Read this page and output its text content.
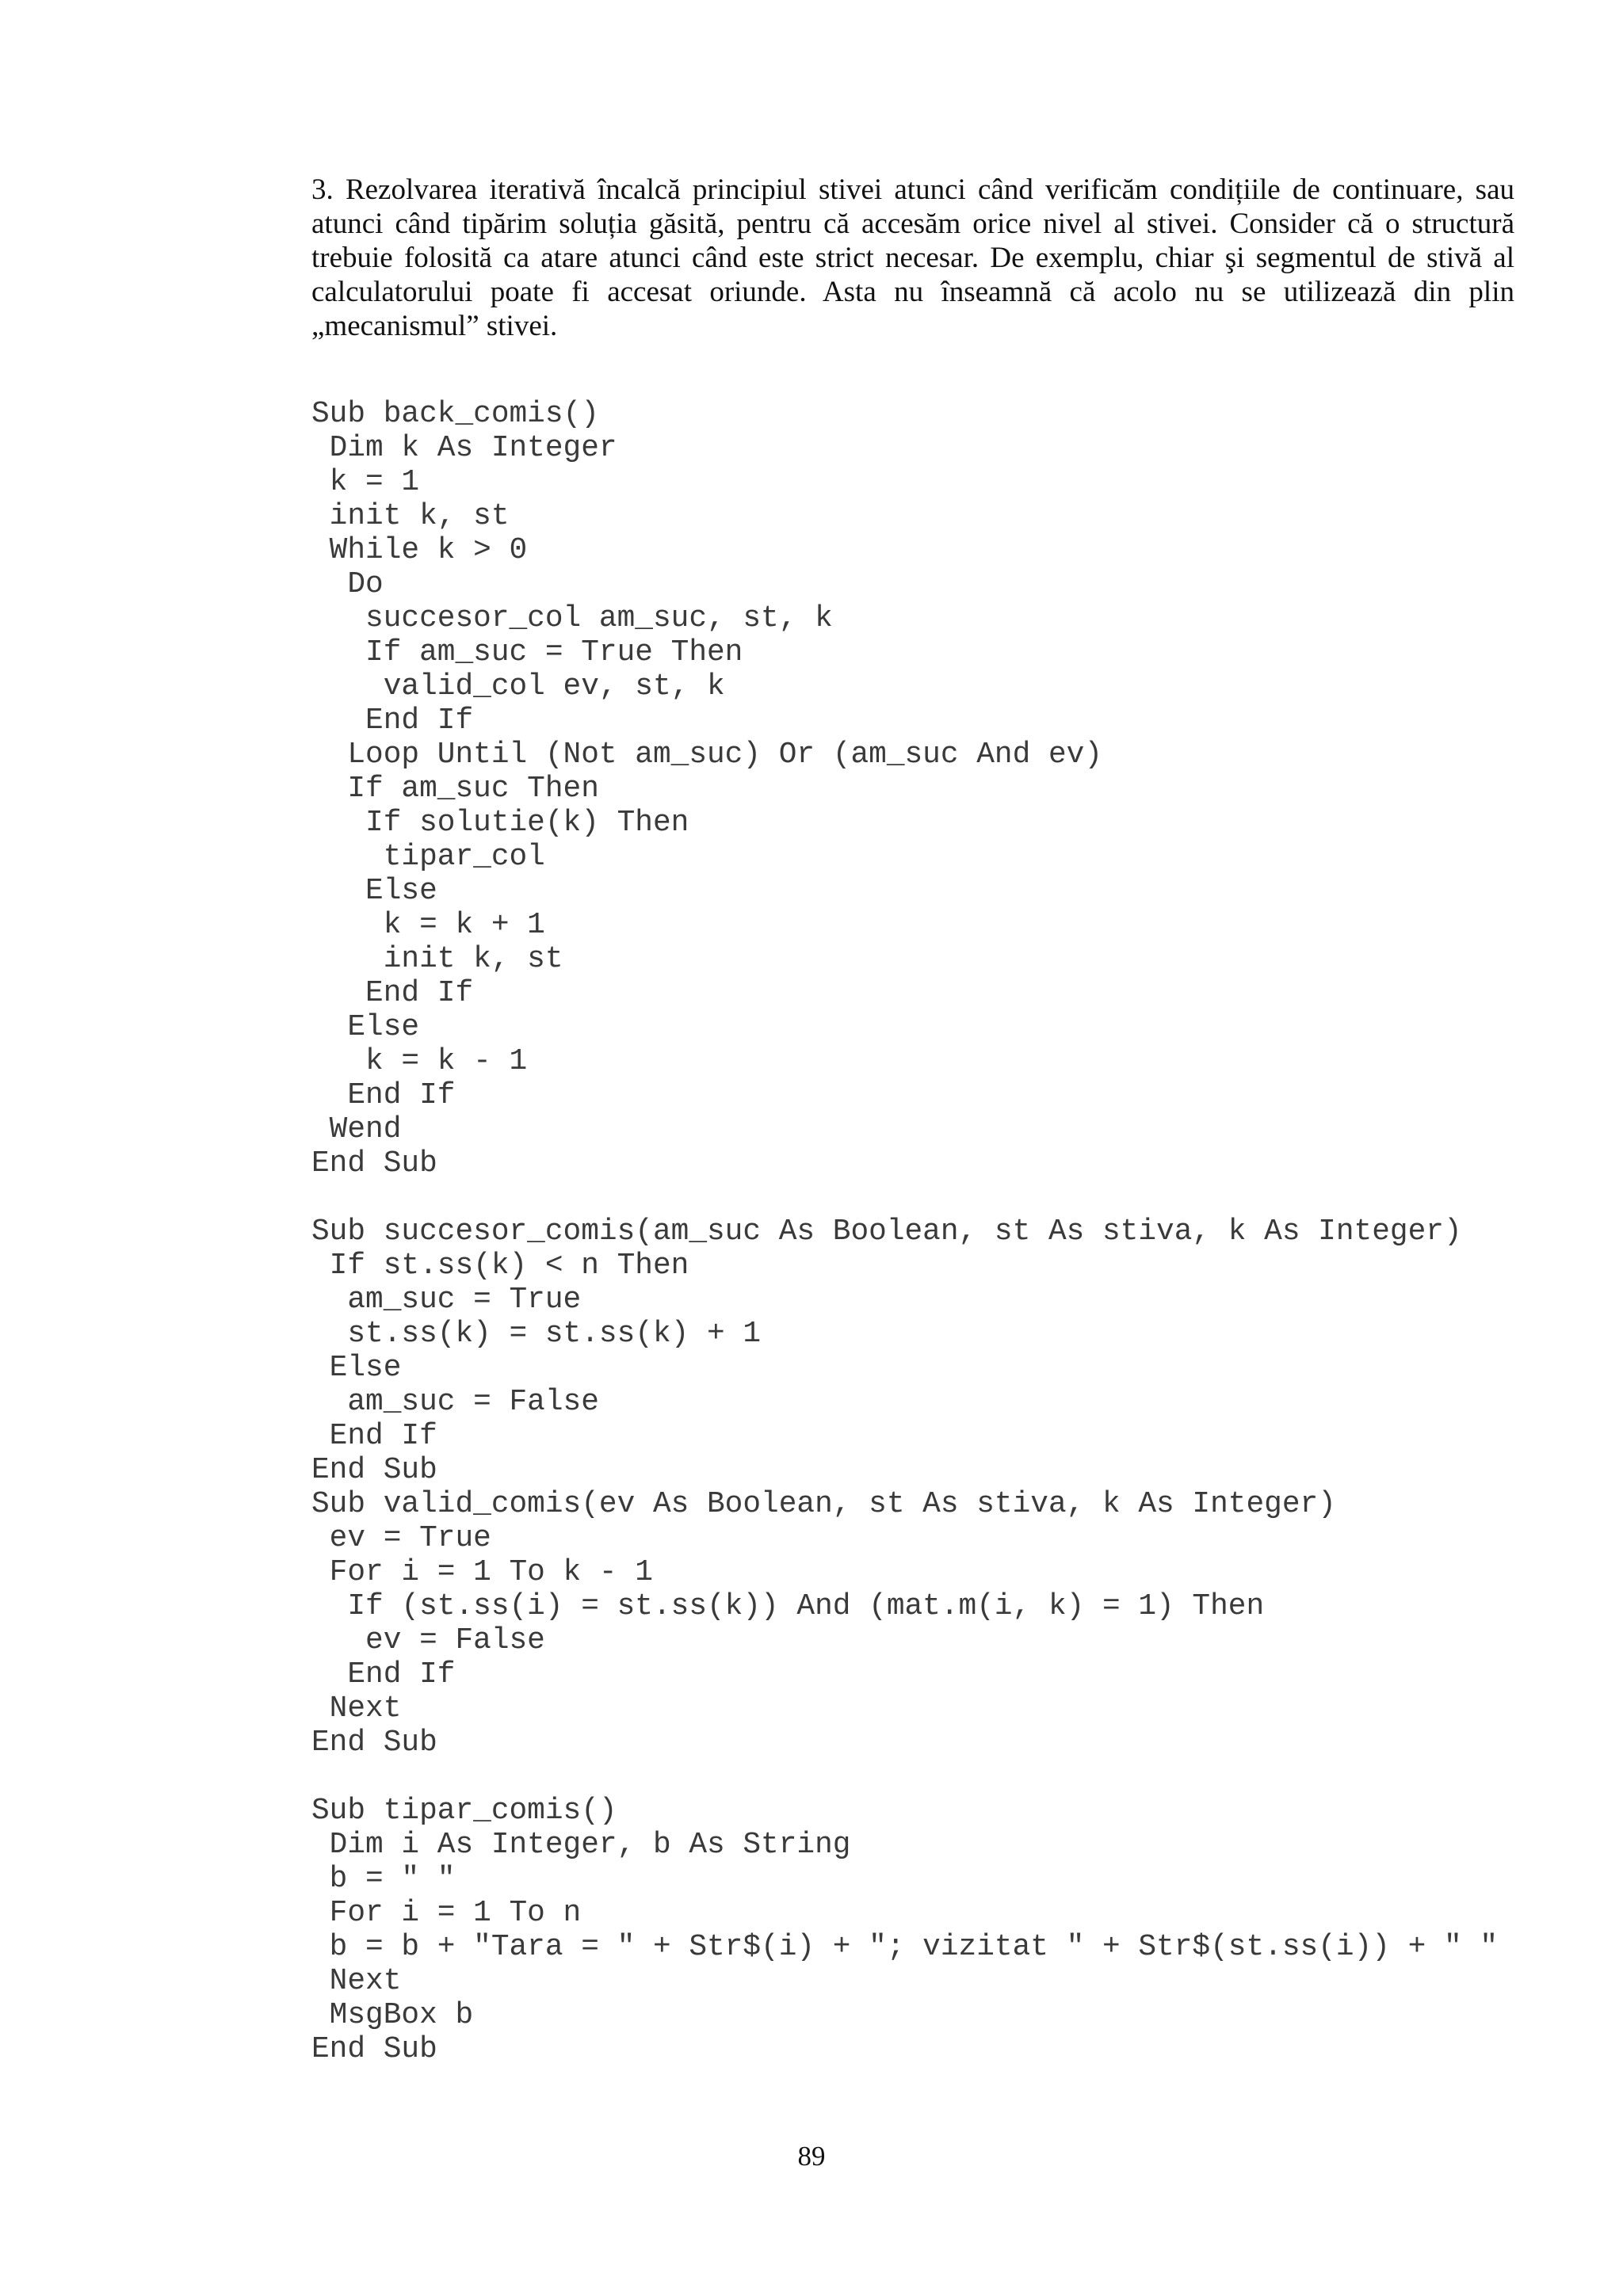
3. Rezolvarea iterativă încalcă principiul stivei atunci când verificăm condițiile de continuare, sau atunci când tipărim soluția găsită, pentru că accesăm orice nivel al stivei. Consider că o structură trebuie folosită ca atare atunci când este strict necesar. De exemplu, chiar şi segmentul de stivă al calculatorului poate fi accesat oriunde. Asta nu înseamnă că acolo nu se utilizează din plin „mecanismul” stivei.

Sub back_comis()
Dim k As Integer
k = 1
init k, st
While k > 0
Do
succesor_col am_suc, st, k
If am_suc = True Then
valid_col ev, st, k
End If
Loop Until (Not am_suc) Or (am_suc And ev)
If am_suc Then
If solutie(k) Then
tipar_col
Else
k = k + 1
init k, st
End If
Else
k = k - 1
End If
Wend
End Sub
Sub succesor_comis(am_suc As Boolean, st As stiva, k As Integer)
If st.ss(k) < n Then
am_suc = True
st.ss(k) = st.ss(k) + 1
Else
am_suc = False
End If
End Sub
Sub valid_comis(ev As Boolean, st As stiva, k As Integer)
ev = True
For i = 1 To k - 1
If (st.ss(i) = st.ss(k)) And (mat.m(i, k) = 1) Then
ev = False
End If
Next
End Sub
Sub tipar_comis()
Dim i As Integer, b As String
b = " "
For i = 1 To n
b = b + "Tara = " + Str$(i) + "; vizitat " + Str$(st.ss(i)) + " "
Next
MsgBox b
End Sub
89
